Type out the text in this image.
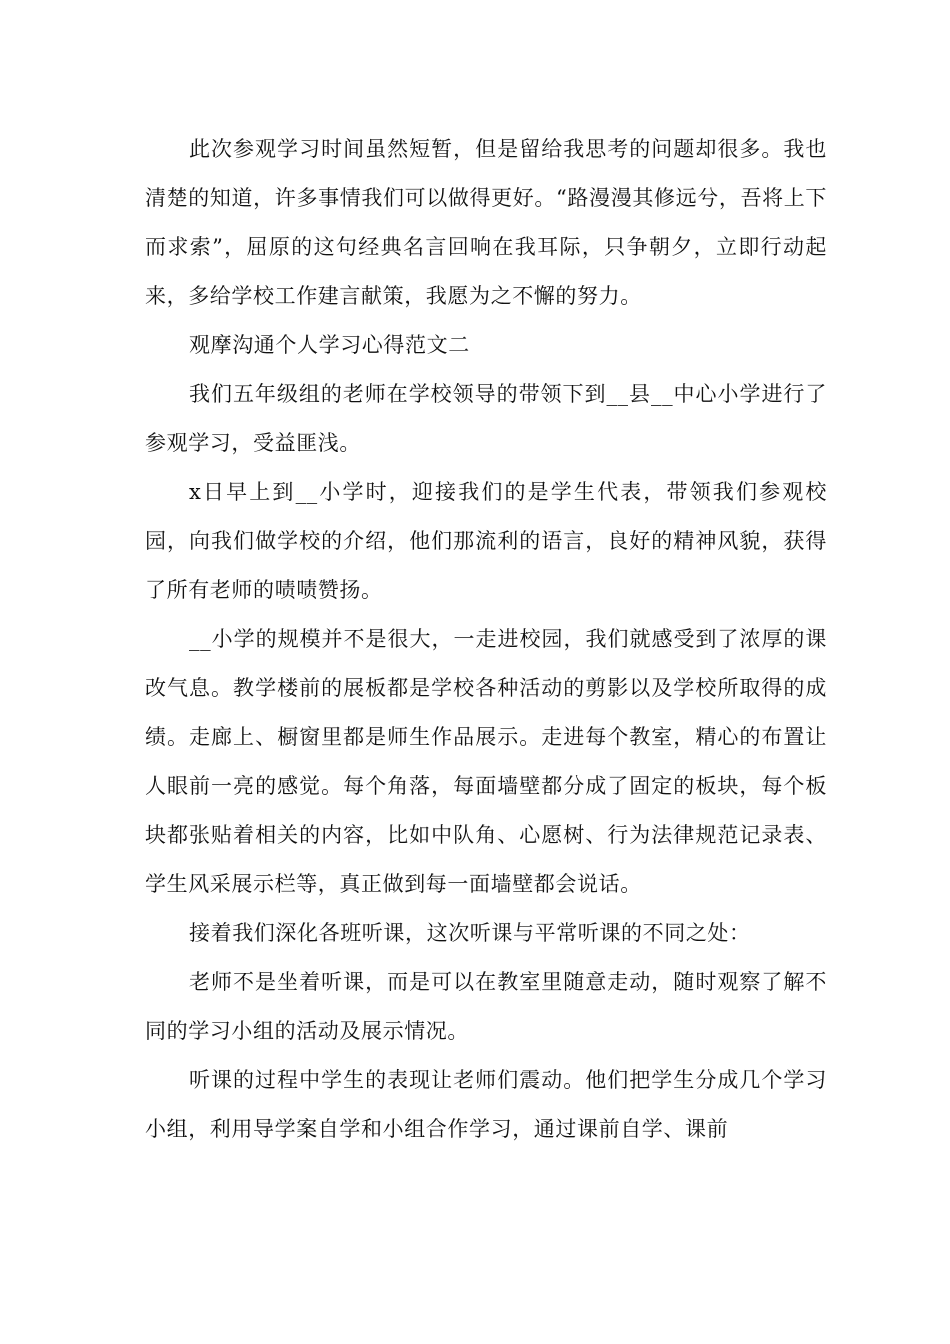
此次参观学习时间虽然短暂，但是留给我思考的问题却很多。我也清楚的知道，许多事情我们可以做得更好。“路漫漫其修远兮，吾将上下而求索”，屈原的这句经典名言回响在我耳际，只争朝夕，立即行动起来，多给学校工作建言献策，我愿为之不懈的努力。

观摩沟通个人学习心得范文二

我们五年级组的老师在学校领导的带领下到__县__中心小学进行了参观学习，受益匪浅。

x日早上到__小学时，迎接我们的是学生代表，带领我们参观校园，向我们做学校的介绍，他们那流利的语言，良好的精神风貌，获得了所有老师的啧啧赞扬。

__小学的规模并不是很大，一走进校园，我们就感受到了浓厚的课改气息。教学楼前的展板都是学校各种活动的剪影以及学校所取得的成绩。走廊上、橱窗里都是师生作品展示。走进每个教室，精心的布置让人眼前一亮的感觉。每个角落，每面墙壁都分成了固定的板块，每个板块都张贴着相关的内容，比如中队角、心愿树、行为法律规范记录表、学生风采展示栏等，真正做到每一面墙壁都会说话。

接着我们深化各班听课，这次听课与平常听课的不同之处：

老师不是坐着听课，而是可以在教室里随意走动，随时观察了解不同的学习小组的活动及展示情况。

听课的过程中学生的表现让老师们震动。他们把学生分成几个学习小组，利用导学案自学和小组合作学习，通过课前自学、课前
